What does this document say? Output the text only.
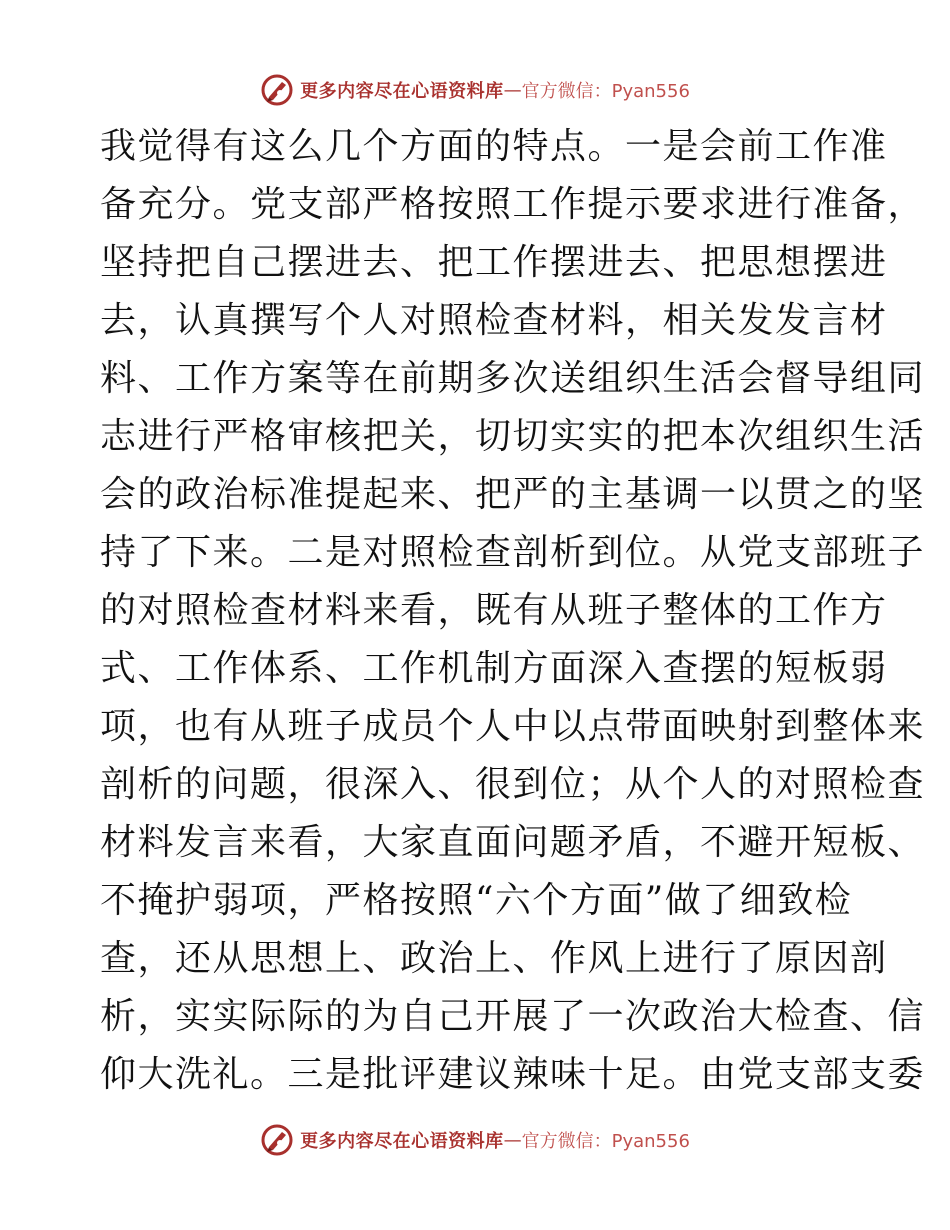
更多内容尽在心语资料库 — 官方微信：Pyan556
我觉得有这么几个方面的特点。一是会前工作准
备充分。党支部严格按照工作提示要求进行准备，
坚持把自己摆进去、把工作摆进去、把思想摆进
去，认真撰写个人对照检查材料，相关发发言材
料、工作方案等在前期多次送组织生活会督导组同
志进行严格审核把关，切切实实的把本次组织生活
会的政治标准提起来、把严的主基调一以贯之的坚
持了下来。二是对照检查剖析到位。从党支部班子
的对照检查材料来看，既有从班子整体的工作方
式、工作体系、工作机制方面深入查摆的短板弱
项，也有从班子成员个人中以点带面映射到整体来
剖析的问题，很深入、很到位；从个人的对照检查
材料发言来看，大家直面问题矛盾，不避开短板、
不掩护弱项，严格按照“六个方面”做了细致检
查，还从思想上、政治上、作风上进行了原因剖
析，实实际际的为自己开展了一次政治大检查、信
仰大洗礼。三是批评建议辣味十足。由党支部支委
更多内容尽在心语资料库 — 官方微信：Pyan556
